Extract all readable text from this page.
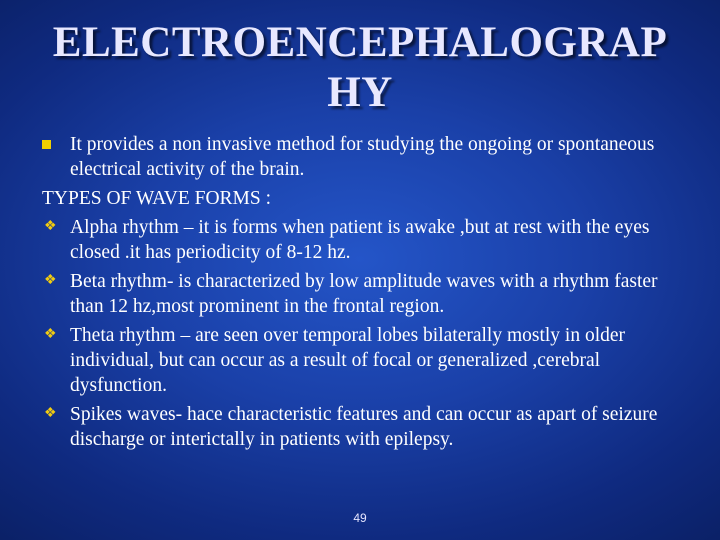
ELECTROENCEPHALOGRAP
HY
It provides a non invasive method for studying the ongoing or spontaneous electrical activity of the brain.
TYPES OF WAVE FORMS :
❖ Alpha rhythm – it is forms when patient is awake ,but at rest with the eyes closed .it has periodicity of 8-12 hz.
❖ Beta rhythm- is characterized by low amplitude waves with a rhythm faster than 12 hz,most prominent in the frontal region.
❖ Theta rhythm – are seen over temporal lobes bilaterally mostly in older individual, but can occur as a result of focal or generalized ,cerebral dysfunction.
❖ Spikes waves- hace characteristic features and can occur as apart of seizure discharge or interictally in patients with epilepsy.
49
